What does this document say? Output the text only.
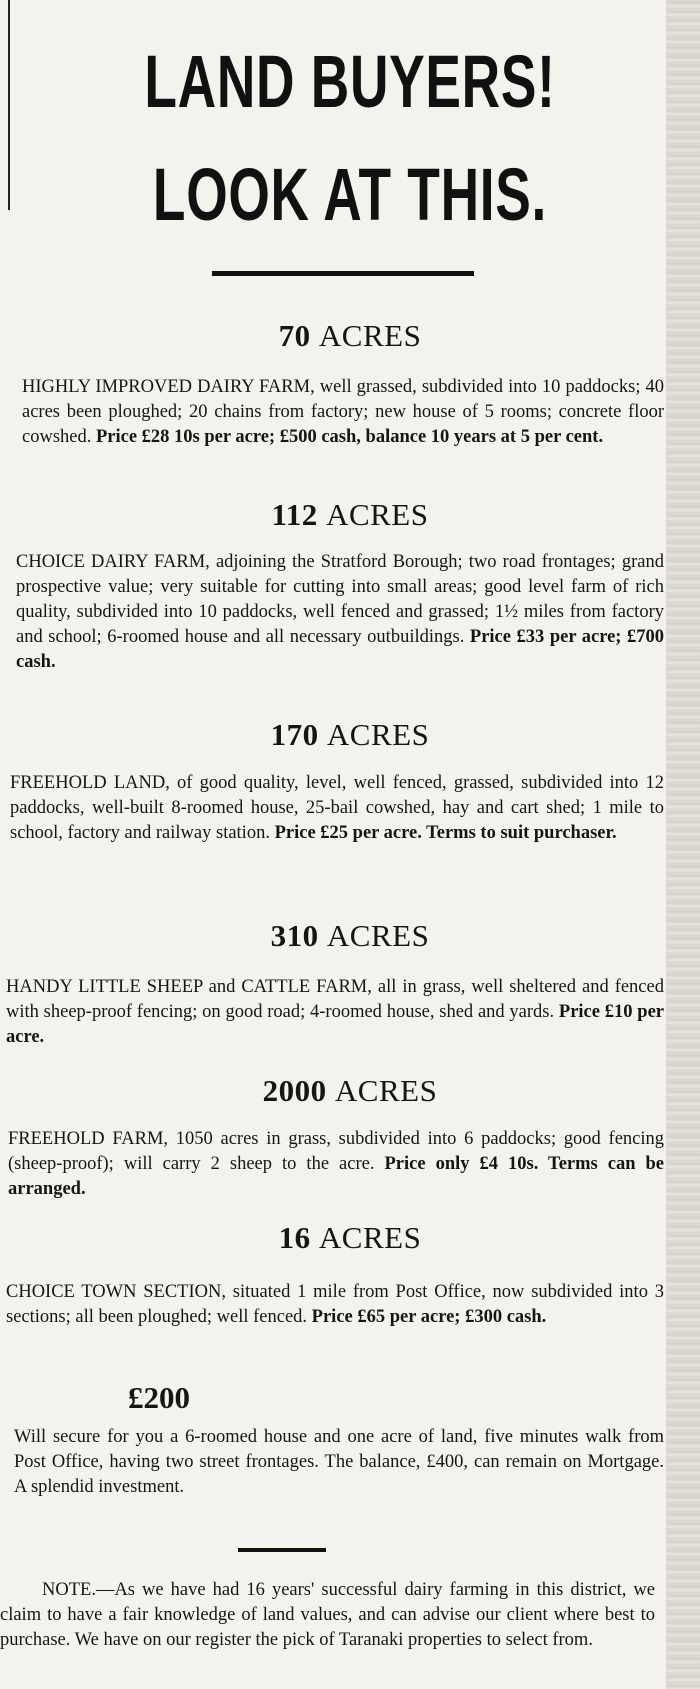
LAND BUYERS!
LOOK AT THIS.
70 ACRES
HIGHLY IMPROVED DAIRY FARM, well grassed, subdivided into 10 paddocks; 40 acres been ploughed; 20 chains from factory; new house of 5 rooms; concrete floor cowshed. Price £28 10s per acre; £500 cash, balance 10 years at 5 per cent.
112 ACRES
CHOICE DAIRY FARM, adjoining the Stratford Borough; two road frontages; grand prospective value; very suitable for cutting into small areas; good level farm of rich quality, subdivided into 10 paddocks, well fenced and grassed; 1½ miles from factory and school; 6-roomed house and all necessary outbuildings. Price £33 per acre; £700 cash.
170 ACRES
FREEHOLD LAND, of good quality, level, well fenced, grassed, subdivided into 12 paddocks, well-built 8-roomed house, 25-bail cowshed, hay and cart shed; 1 mile to school, factory and railway station. Price £25 per acre. Terms to suit purchaser.
310 ACRES
HANDY LITTLE SHEEP and CATTLE FARM, all in grass, well sheltered and fenced with sheep-proof fencing; on good road; 4-roomed house, shed and yards. Price £10 per acre.
2000 ACRES
FREEHOLD FARM, 1050 acres in grass, subdivided into 6 paddocks; good fencing (sheep-proof); will carry 2 sheep to the acre. Price only £4 10s. Terms can be arranged.
16 ACRES
CHOICE TOWN SECTION, situated 1 mile from Post Office, now subdivided into 3 sections; all been ploughed; well fenced. Price £65 per acre; £300 cash.
£200
Will secure for you a 6-roomed house and one acre of land, five minutes walk from Post Office, having two street frontages. The balance, £400, can remain on Mortgage. A splendid investment.
NOTE.—As we have had 16 years' successful dairy farming in this district, we claim to have a fair knowledge of land values, and can advise our client where best to purchase. We have on our register the pick of Taranaki properties to select from.
